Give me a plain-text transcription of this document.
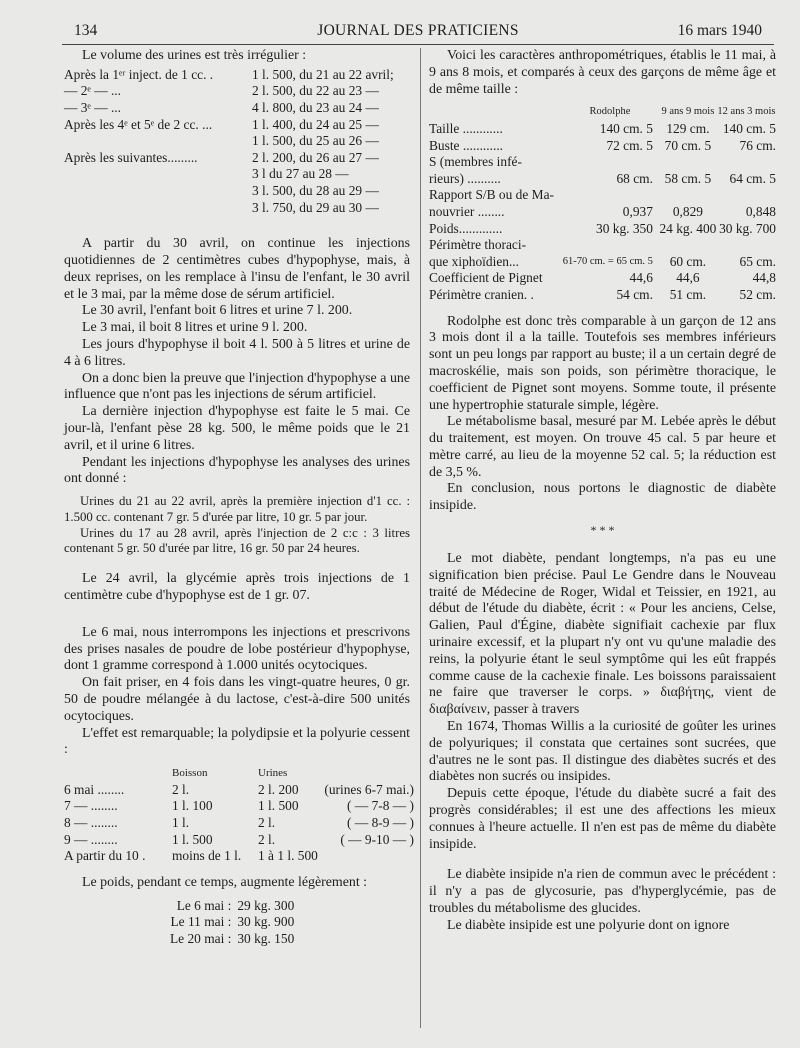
134	JOURNAL DES PRATICIENS	16 mars 1940

Le volume des urines est très irrégulier :

Après la 1ᵉʳ inject. de 1 cc. .	1 l. 500, du 21 au 22 avril;
— 2ᵉ — ...	2 l. 500, du 22 au 23 —
— 3ᵉ — ...	4 l. 800, du 23 au 24 —
Après les 4ᵉ et 5ᵉ de 2 cc. ...	1 l. 400, du 24 au 25 —
	1 l. 500, du 25 au 26 —
Après les suivantes.........	2 l. 200, du 26 au 27 —
	3 l du 27 au 28 —
	3 l. 500, du 28 au 29 —
	3 l. 750, du 29 au 30 —

A partir du 30 avril, on continue les injections quotidiennes de 2 centimètres cubes d'hypophyse, mais, à deux reprises, on les remplace à l'insu de l'enfant, le 30 avril et le 3 mai, par la même dose de sérum artificiel.

Le 30 avril, l'enfant boit 6 litres et urine 7 l. 200.

Le 3 mai, il boit 8 litres et urine 9 l. 200.

Les jours d'hypophyse il boit 4 l. 500 à 5 litres et urine de 4 à 6 litres.

On a donc bien la preuve que l'injection d'hypophyse a une influence que n'ont pas les injections de sérum artificiel.

La dernière injection d'hypophyse est faite le 5 mai. Ce jour-là, l'enfant pèse 28 kg. 500, le même poids que le 21 avril, et il urine 6 litres.

Pendant les injections d'hypophyse les analyses des urines ont donné :

Urines du 21 au 22 avril, après la première injection d'1 cc. : 1.500 cc. contenant 7 gr. 5 d'urée par litre, 10 gr. 5 par jour.

Urines du 17 au 28 avril, après l'injection de 2 c:c : 3 litres contenant 5 gr. 50 d'urée par litre, 16 gr. 50 par 24 heures.

Le 24 avril, la glycémie après trois injections de 1 centimètre cube d'hypophyse est de 1 gr. 07.

Le 6 mai, nous interrompons les injections et prescrivons des prises nasales de poudre de lobe postérieur d'hypophyse, dont 1 gramme correspond à 1.000 unités ocytociques.

On fait priser, en 4 fois dans les vingt-quatre heures, 0 gr. 50 de poudre mélangée à du lactose, c'est-à-dire 500 unités ocytociques.

L'effet est remarquable; la polydipsie et la polyurie cessent :

	Boisson	Urines	
6 mai ........	2 l.	2 l. 200	(urines 6-7 mai.)
7 — ........	1 l. 100	1 l. 500	( — 7-8 — )
8 — ........	1 l.	2 l.	( — 8-9 — )
9 — ........	1 l. 500	2 l.	( — 9-10 — )
A partir du 10 .	moins de 1 l.	1 à 1 l. 500	

Le poids, pendant ce temps, augmente légèrement :

Le 6 mai :	29 kg. 300
Le 11 mai :	30 kg. 900
Le 20 mai :	30 kg. 150

Voici les caractères anthropométriques, établis le 11 mai, à 9 ans 8 mois, et comparés à ceux des garçons de même âge et de même taille :

	Rodolphe	9 ans 9 mois	12 ans 3 mois
Taille ............	140 cm. 5	129 cm.	140 cm. 5
Buste ............	72 cm. 5	70 cm. 5	76 cm.
S (membres infé-			
rieurs) ..........	68 cm.	58 cm. 5	64 cm. 5
Rapport S/B ou de Ma-			
nouvrier ........	0,937	0,829	0,848
Poids.............	30 kg. 350	24 kg. 400	30 kg. 700
Périmètre thoraci-			
que xiphoïdien...	61-70 cm. = 65 cm. 5	60 cm.	65 cm.
Coefficient de Pignet	44,6	44,6	44,8
Périmètre cranien. .	54 cm.	51 cm.	52 cm.

Rodolphe est donc très comparable à un garçon de 12 ans 3 mois dont il a la taille. Toutefois ses membres inférieurs sont un peu longs par rapport au buste; il a un certain degré de macroskélie, mais son poids, son périmètre thoracique, le coefficient de Pignet sont moyens. Somme toute, il présente une hypertrophie staturale simple, légère.

Le métabolisme basal, mesuré par M. Lebée après le début du traitement, est moyen. On trouve 45 cal. 5 par heure et mètre carré, au lieu de la moyenne 52 cal. 5; la réduction est de 3,5 %.

En conclusion, nous portons le diagnostic de diabète insipide.

* * *

Le mot diabète, pendant longtemps, n'a pas eu une signification bien précise. Paul Le Gendre dans le Nouveau traité de Médecine de Roger, Widal et Teissier, en 1921, au début de l'étude du diabète, écrit : « Pour les anciens, Celse, Galien, Paul d'Égine, diabète signifiait cachexie par flux urinaire excessif, et la plupart n'y ont vu qu'une maladie des reins, la polyurie étant le seul symptôme qui les eût frappés comme cause de la cachexie finale. Les boissons paraissaient ne faire que traverser le corps. » διαβήτης, vient de διαβαίνειν, passer à travers

En 1674, Thomas Willis a la curiosité de goûter les urines de polyuriques; il constata que certaines sont sucrées, que d'autres ne le sont pas. Il distingue des diabètes sucrés et des diabètes non sucrés ou insipides.

Depuis cette époque, l'étude du diabète sucré a fait des progrès considérables; il est une des affections les mieux connues à l'heure actuelle. Il n'en est pas de même du diabète insipide.

Le diabète insipide n'a rien de commun avec le précédent : il n'y a pas de glycosurie, pas d'hyperglycémie, pas de troubles du métabolisme des glucides.

Le diabète insipide est une polyurie dont on ignore
